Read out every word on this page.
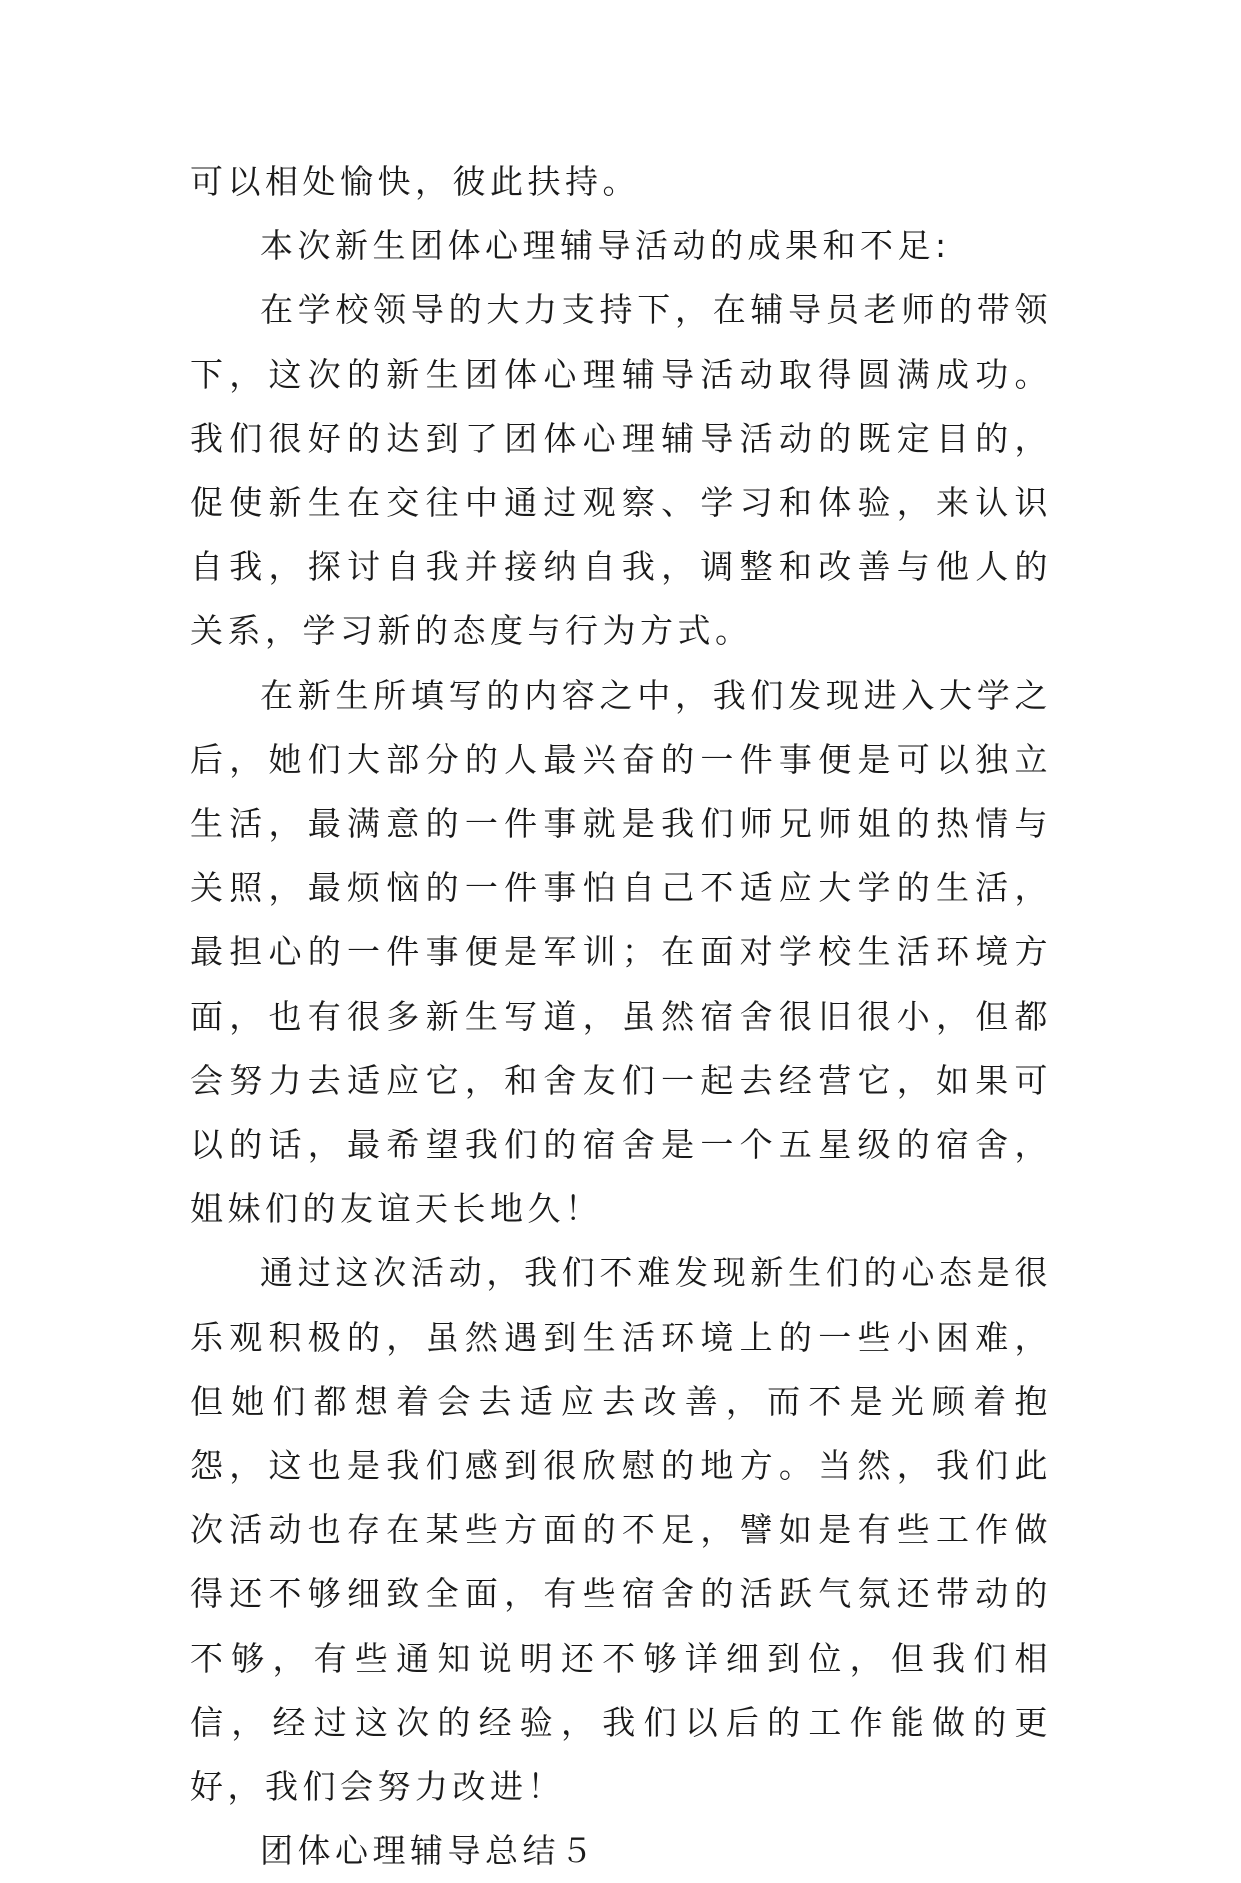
可以相处愉快，彼此扶持。

本次新生团体心理辅导活动的成果和不足:

在学校领导的大力支持下，在辅导员老师的带领下，这次的新生团体心理辅导活动取得圆满成功。我们很好的达到了团体心理辅导活动的既定目的，促使新生在交往中通过观察、学习和体验，来认识自我，探讨自我并接纳自我，调整和改善与他人的关系，学习新的态度与行为方式。

在新生所填写的内容之中，我们发现进入大学之后，她们大部分的人最兴奋的一件事便是可以独立生活，最满意的一件事就是我们师兄师姐的热情与关照，最烦恼的一件事怕自己不适应大学的生活，最担心的一件事便是军训；在面对学校生活环境方面，也有很多新生写道，虽然宿舍很旧很小，但都会努力去适应它，和舍友们一起去经营它，如果可以的话，最希望我们的宿舍是一个五星级的宿舍，姐妹们的友谊天长地久！

通过这次活动，我们不难发现新生们的心态是很乐观积极的，虽然遇到生活环境上的一些小困难，但她们都想着会去适应去改善，而不是光顾着抱怨，这也是我们感到很欣慰的地方。当然，我们此次活动也存在某些方面的不足，譬如是有些工作做得还不够细致全面，有些宿舍的活跃气氛还带动的不够，有些通知说明还不够详细到位，但我们相信，经过这次的经验，我们以后的工作能做的更好，我们会努力改进！

团体心理辅导总结５
